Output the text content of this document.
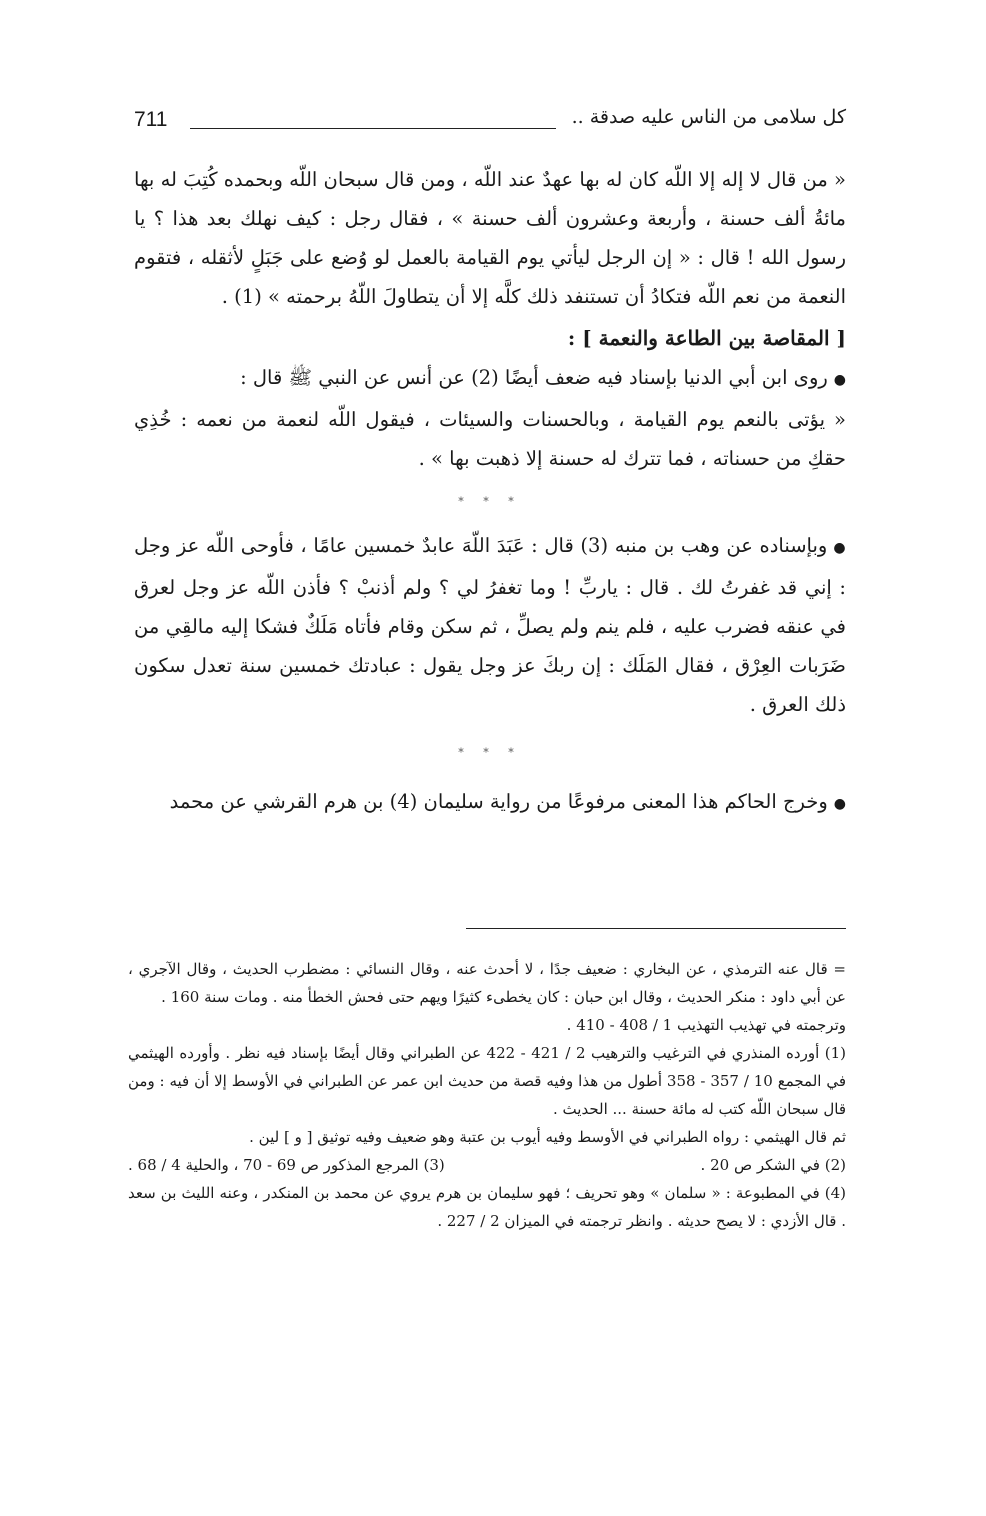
711	كل سلامى من الناس عليه صدقة ..

« من قال لا إله إلا اللّه كان له بها عهدٌ عند اللّه ، ومن قال سبحان اللّه وبحمده كُتِبَ له بها مائةُ ألف حسنة ، وأربعة وعشرون ألف حسنة » ، فقال رجل : كيف نهلك بعد هذا ؟ يا رسول الله ! قال : « إن الرجل ليأتي يوم القيامة بالعمل لو وُضع على جَبَلٍ لأثقله ، فتقوم النعمة من نعم اللّه فتكادُ أن تستنفد ذلك كلَّه إلا أن يتطاولَ اللّهُ برحمته » (1) .

[ المقاصة بين الطاعة والنعمة ] :

●روى ابن أبي الدنيا بإسناد فيه ضعف أيضًا (2) عن أنس عن النبي ﷺ قال :

« يؤتى بالنعم يوم القيامة ، وبالحسنات والسيئات ، فيقول اللّه لنعمة من نعمه : خُذِي حقكِ من حسناته ، فما تترك له حسنة إلا ذهبت بها » .

* * *

●وبإسناده عن وهب بن منبه (3) قال : عَبَدَ اللّهَ عابدٌ خمسين عامًا ، فأوحى اللّه عز وجل : إني قد غفرتُ لك . قال : ياربِّ ! وما تغفرُ لي ؟ ولم أذنبْ ؟ فأذن اللّه عز وجل لعرق في عنقه فضرب عليه ، فلم ينم ولم يصلِّ ، ثم سكن وقام فأتاه مَلَكٌ فشكا إليه مالقِي من ضَرَبات العِرْق ، فقال المَلَك : إن ربكَ عز وجل يقول : عبادتك خمسين سنة تعدل سكون ذلك العرق .

* * *

●وخرج الحاكم هذا المعنى مرفوعًا من رواية سليمان (4) بن هرم القرشي عن محمد

= قال عنه الترمذي ، عن البخاري : ضعيف جدًا ، لا أحدث عنه ، وقال النسائي : مضطرب الحديث ، وقال الآجري ، عن أبي داود : منكر الحديث ، وقال ابن حبان : كان يخطىء كثيرًا ويهم حتى فحش الخطأ منه . ومات سنة 160 .

وترجمته في تهذيب التهذيب 1 / 408 - 410 .

(1) أورده المنذري في الترغيب والترهيب 2 / 421 - 422 عن الطبراني وقال أيضًا بإسناد فيه نظر . وأورده الهيثمي في المجمع 10 / 357 - 358 أطول من هذا وفيه قصة من حديث ابن عمر عن الطبراني في الأوسط إلا أن فيه : ومن قال سبحان اللّه كتب له مائة حسنة ... الحديث .

ثم قال الهيثمي : رواه الطبراني في الأوسط وفيه أيوب بن عتبة وهو ضعيف وفيه توثيق [ و ] لين .

(2) في الشكر ص 20 .
(3) المرجع المذكور ص 69 - 70 ، والحلية 4 / 68 .

(4) في المطبوعة : « سلمان » وهو تحريف ؛ فهو سليمان بن هرم يروي عن محمد بن المنكدر ، وعنه الليث بن سعد . قال الأزدي : لا يصح حديثه . وانظر ترجمته في الميزان 2 / 227 .
